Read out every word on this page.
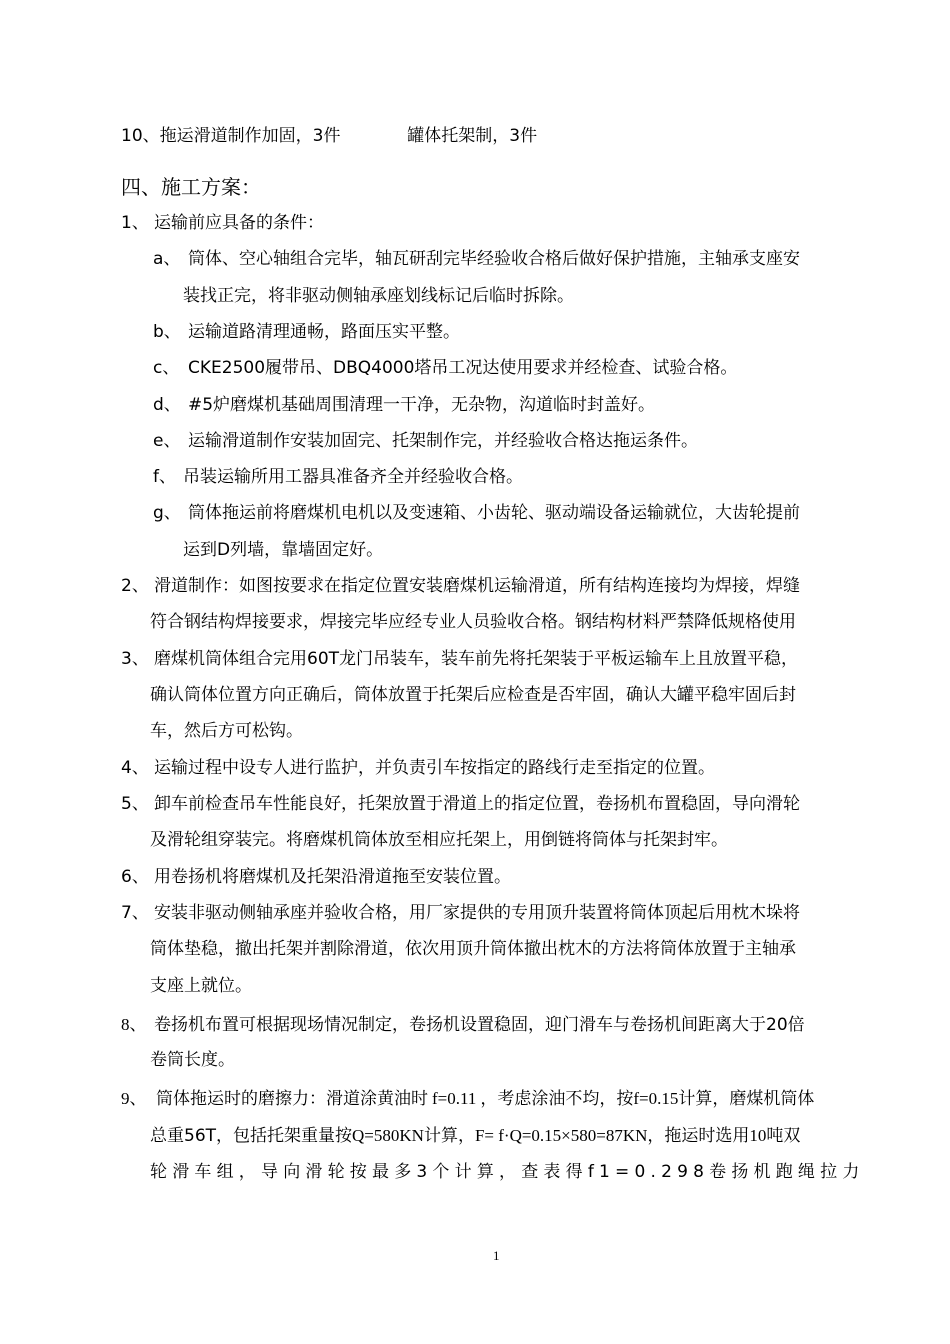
10、拖运滑道制作加固，3件	罐体托架制，3件
四、施工方案：
1、 运输前应具备的条件：
a、 筒体、空心轴组合完毕，轴瓦研刮完毕经验收合格后做好保护措施，主轴承支座安
装找正完，将非驱动侧轴承座划线标记后临时拆除。
b、 运输道路清理通畅，路面压实平整。
c、 CKE2500履带吊、DBQ4000塔吊工况达使用要求并经检查、试验合格。
d、 #5炉磨煤机基础周围清理一干净，无杂物，沟道临时封盖好。
e、 运输滑道制作安装加固完、托架制作完，并经验收合格达拖运条件。
f、 吊装运输所用工器具准备齐全并经验收合格。
g、 筒体拖运前将磨煤机电机以及变速箱、小齿轮、驱动端设备运输就位，大齿轮提前
运到D列墙，靠墙固定好。
2、 滑道制作：如图按要求在指定位置安装磨煤机运输滑道，所有结构连接均为焊接，焊缝
符合钢结构焊接要求，焊接完毕应经专业人员验收合格。钢结构材料严禁降低规格使用
3、 磨煤机筒体组合完用60T龙门吊装车，装车前先将托架装于平板运输车上且放置平稳，
确认筒体位置方向正确后，筒体放置于托架后应检查是否牢固，确认大罐平稳牢固后封
车，然后方可松钩。
4、 运输过程中设专人进行监护，并负责引车按指定的路线行走至指定的位置。
5、 卸车前检查吊车性能良好，托架放置于滑道上的指定位置，卷扬机布置稳固，导向滑轮
及滑轮组穿装完。将磨煤机筒体放至相应托架上，用倒链将筒体与托架封牢。
6、 用卷扬机将磨煤机及托架沿滑道拖至安装位置。
7、 安装非驱动侧轴承座并验收合格，用厂家提供的专用顶升装置将筒体顶起后用枕木垛将
筒体垫稳，撤出托架并割除滑道，依次用顶升筒体撤出枕木的方法将筒体放置于主轴承
支座上就位。
8、 卷扬机布置可根据现场情况制定，卷扬机设置稳固，迎门滑车与卷扬机间距离大于20倍
卷筒长度。
9、 筒体拖运时的磨擦力：滑道涂黄油时 f=0.11 ，考虑涂油不均，按f=0.15计算，磨煤机筒体
总重56T，包括托架重量按Q=580KN计算，F= f·Q=0.15×580=87KN，拖运时选用10吨双
轮滑车组，导向滑轮按最多3个计算，查表得f1=0.298卷扬机跑绳拉力
1
